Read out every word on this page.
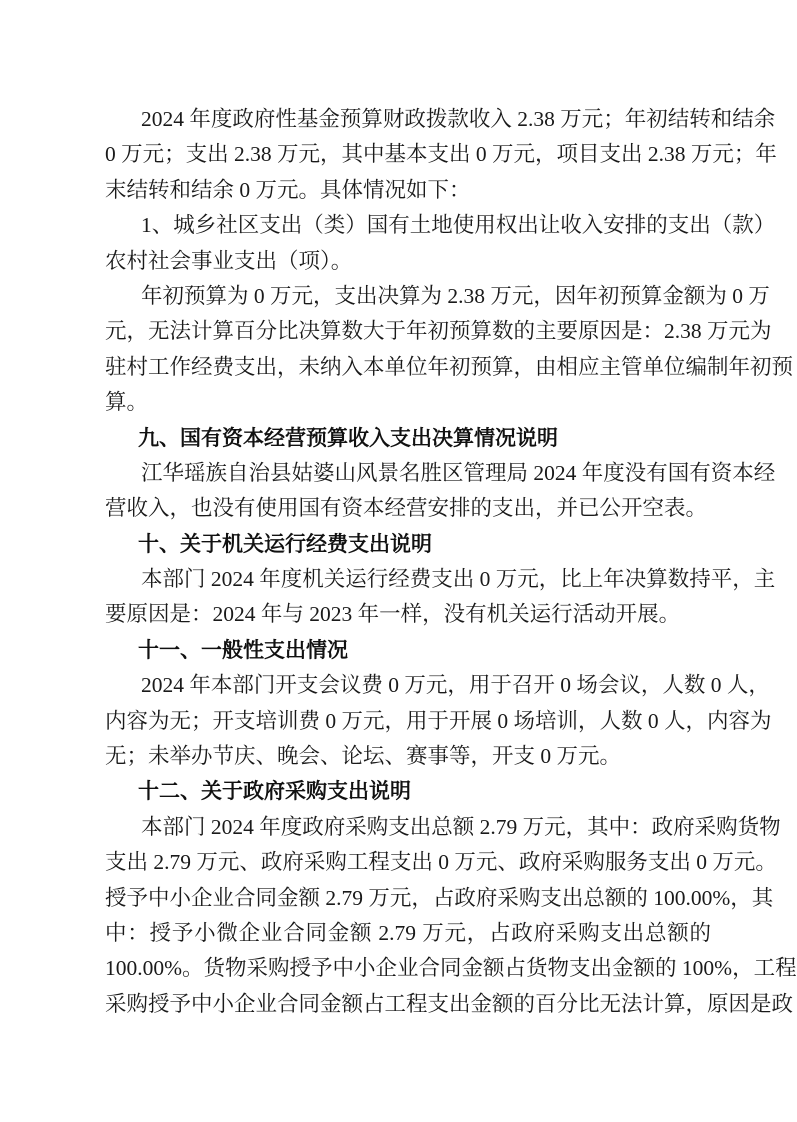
2024 年度政府性基金预算财政拨款收入 2.38 万元；年初结转和结余
0 万元；支出 2.38 万元，其中基本支出 0 万元，项目支出 2.38 万元；年
末结转和结余 0 万元。具体情况如下：
1、城乡社区支出（类）国有土地使用权出让收入安排的支出（款）
农村社会事业支出（项）。
年初预算为 0 万元，支出决算为 2.38 万元，因年初预算金额为 0 万
元，无法计算百分比决算数大于年初预算数的主要原因是：2.38 万元为
驻村工作经费支出，未纳入本单位年初预算，由相应主管单位编制年初预
算。
九、国有资本经营预算收入支出决算情况说明
江华瑶族自治县姑婆山风景名胜区管理局 2024 年度没有国有资本经
营收入，也没有使用国有资本经营安排的支出，并已公开空表。
十、关于机关运行经费支出说明
本部门 2024 年度机关运行经费支出 0 万元，比上年决算数持平，主
要原因是：2024 年与 2023 年一样，没有机关运行活动开展。
十一、一般性支出情况
2024 年本部门开支会议费 0 万元，用于召开 0 场会议，人数 0 人，
内容为无；开支培训费 0 万元，用于开展 0 场培训，人数 0 人，内容为
无；未举办节庆、晚会、论坛、赛事等，开支 0 万元。
十二、关于政府采购支出说明
本部门 2024 年度政府采购支出总额 2.79 万元，其中：政府采购货物
支出 2.79 万元、政府采购工程支出 0 万元、政府采购服务支出 0 万元。
授予中小企业合同金额 2.79 万元，占政府采购支出总额的 100.00%，其
中：授予小微企业合同金额 2.79 万元，占政府采购支出总额的
100.00%。货物采购授予中小企业合同金额占货物支出金额的 100%，工程
采购授予中小企业合同金额占工程支出金额的百分比无法计算，原因是政
